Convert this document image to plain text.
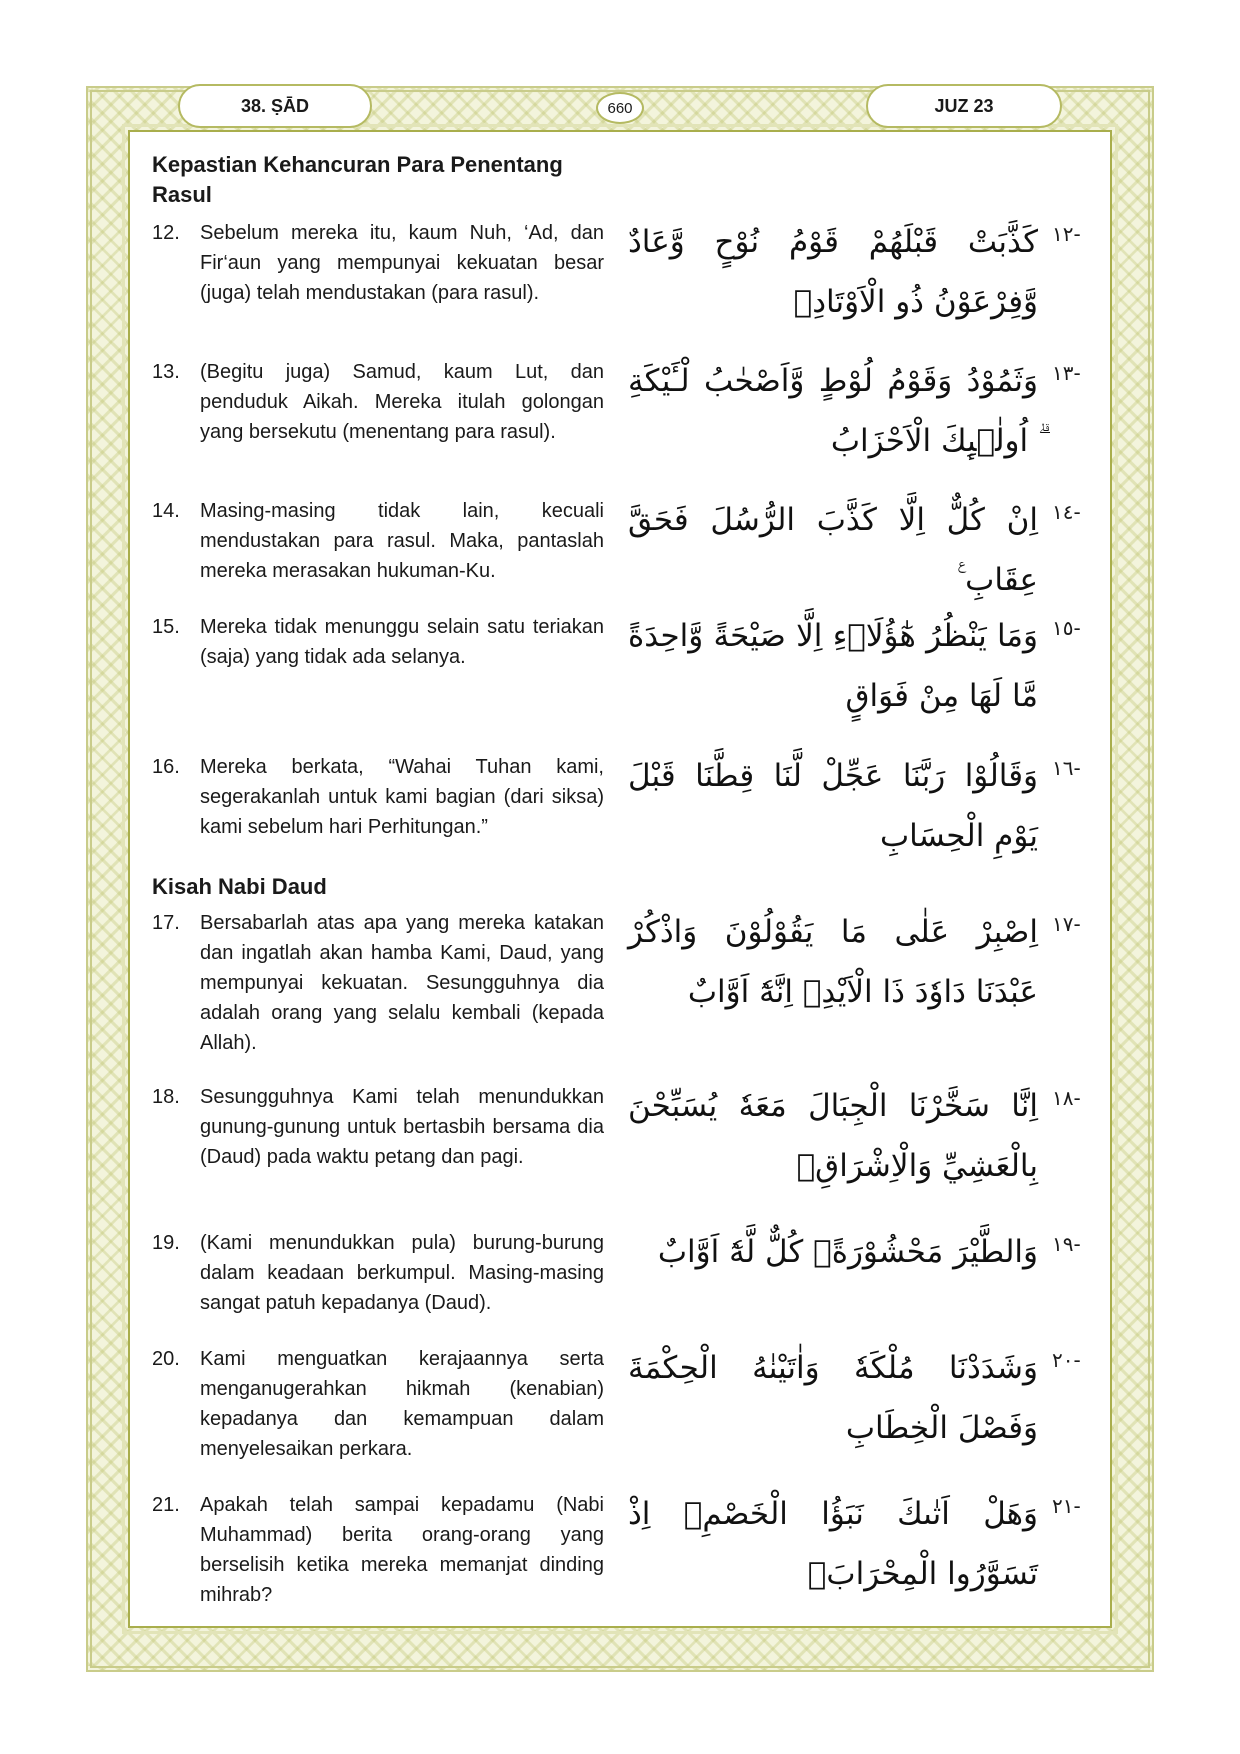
38. ṢĀD	660	JUZ 23
Kepastian Kehancuran Para Penentang Rasul
12.	Sebelum mereka itu, kaum Nuh, ‘Ad, dan Fir‘aun yang mempunyai kekuatan besar (juga) telah mendustakan (para rasul).
كَذَّبَتْ قَبْلَهُمْ قَوْمُ نُوْحٍ وَّعَادٌ وَّفِرْعَوْنُ ذُو الْاَوْتَادِۙ
-١٢
13.	(Begitu juga) Samud, kaum Lut, dan penduduk Aikah. Mereka itulah golongan yang bersekutu (menentang para rasul).
وَثَمُوْدُ وَقَوْمُ لُوْطٍ وَّاَصْحٰبُ لْـَٔيْكَةِ ۗ اُولٰۤىِٕكَ الْاَحْزَابُ
-١٣
14.	Masing-masing tidak lain, kecuali mendustakan para rasul. Maka, pantaslah mereka merasakan hukuman-Ku.
اِنْ كُلٌّ اِلَّا كَذَّبَ الرُّسُلَ فَحَقَّ عِقَابِ ࣖ
-١٤
15.	Mereka tidak menunggu selain satu teriakan (saja) yang tidak ada selanya.
وَمَا يَنْظُرُ هٰٓؤُلَاۤءِ اِلَّا صَيْحَةً وَّاحِدَةً مَّا لَهَا مِنْ فَوَاقٍ
-١٥
16.	Mereka berkata, “Wahai Tuhan kami, segerakanlah untuk kami bagian (dari siksa) kami sebelum hari Perhitungan.”
وَقَالُوْا رَبَّنَا عَجِّلْ لَّنَا قِطَّنَا قَبْلَ يَوْمِ الْحِسَابِ
-١٦
Kisah Nabi Daud
17.	Bersabarlah atas apa yang mereka katakan dan ingatlah akan hamba Kami, Daud, yang mempunyai kekuatan. Sesungguhnya dia adalah orang yang selalu kembali (kepada Allah).
اِصْبِرْ عَلٰى مَا يَقُوْلُوْنَ وَاذْكُرْ عَبْدَنَا دَاوٗدَ ذَا الْاَيْدِۚ اِنَّهٗٓ اَوَّابٌ
-١٧
18.	Sesungguhnya Kami telah menundukkan gunung-gunung untuk bertasbih bersama dia (Daud) pada waktu petang dan pagi.
اِنَّا سَخَّرْنَا الْجِبَالَ مَعَهٗ يُسَبِّحْنَ بِالْعَشِيِّ وَالْاِشْرَاقِۙ
-١٨
19.	(Kami menundukkan pula) burung-burung dalam keadaan berkumpul. Masing-masing sangat patuh kepadanya (Daud).
وَالطَّيْرَ مَحْشُوْرَةًۗ كُلٌّ لَّهٗٓ اَوَّابٌ -١٩
20.	Kami menguatkan kerajaannya serta menganugerahkan hikmah (kenabian) kepadanya dan kemampuan dalam menyelesaikan perkara.
وَشَدَدْنَا مُلْكَهٗ وَاٰتَيْنٰهُ الْحِكْمَةَ وَفَصْلَ الْخِطَابِ
-٢٠
21.	Apakah telah sampai kepadamu (Nabi Muhammad) berita orang-orang yang berselisih ketika mereka memanjat dinding mihrab?
وَهَلْ اَتٰىكَ نَبَؤُا الْخَصْمِۘ اِذْ تَسَوَّرُوا الْمِحْرَابَۙ
-٢١
